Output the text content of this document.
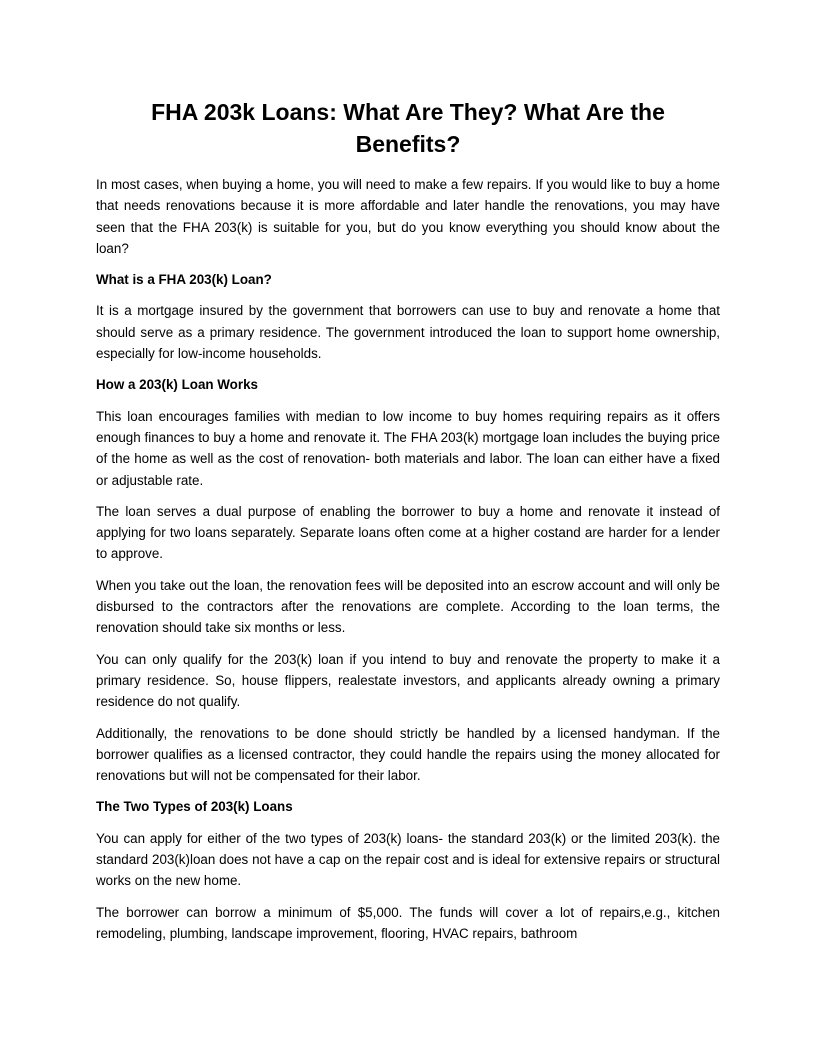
FHA 203k Loans: What Are They? What Are the Benefits?

In most cases, when buying a home, you will need to make a few repairs. If you would like to buy a home that needs renovations because it is more affordable and later handle the renovations, you may have seen that the FHA 203(k) is suitable for you, but do you know everything you should know about the loan?

What is a FHA 203(k) Loan?

It is a mortgage insured by the government that borrowers can use to buy and renovate a home that should serve as a primary residence. The government introduced the loan to support home ownership, especially for low-income households.

How a 203(k) Loan Works

This loan encourages families with median to low income to buy homes requiring repairs as it offers enough finances to buy a home and renovate it. The FHA 203(k) mortgage loan includes the buying price of the home as well as the cost of renovation- both materials and labor. The loan can either have a fixed or adjustable rate.

The loan serves a dual purpose of enabling the borrower to buy a home and renovate it instead of applying for two loans separately. Separate loans often come at a higher costand are harder for a lender to approve.

When you take out the loan, the renovation fees will be deposited into an escrow account and will only be disbursed to the contractors after the renovations are complete. According to the loan terms, the renovation should take six months or less.

You can only qualify for the 203(k) loan if you intend to buy and renovate the property to make it a primary residence. So, house flippers, realestate investors, and applicants already owning a primary residence do not qualify.

Additionally, the renovations to be done should strictly be handled by a licensed handyman. If the borrower qualifies as a licensed contractor, they could handle the repairs using the money allocated for renovations but will not be compensated for their labor.

The Two Types of 203(k) Loans

You can apply for either of the two types of 203(k) loans- the standard 203(k) or the limited 203(k). the standard 203(k)loan does not have a cap on the repair cost and is ideal for extensive repairs or structural works on the new home.

The borrower can borrow a minimum of $5,000. The funds will cover a lot of repairs,e.g., kitchen remodeling, plumbing, landscape improvement, flooring, HVAC repairs, bathroom
